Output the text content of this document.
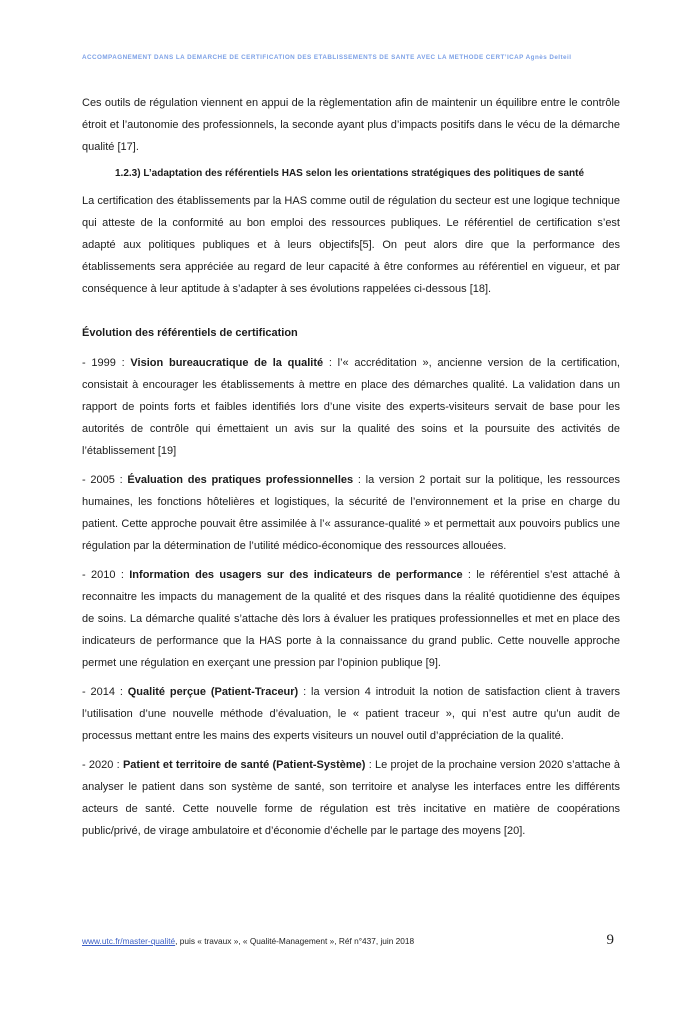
ACCOMPAGNEMENT DANS LA DEMARCHE DE CERTIFICATION DES ETABLISSEMENTS DE SANTE AVEC LA METHODE CERT’ICAP Agnès Delteil

Ces outils de régulation viennent en appui de la règlementation afin de maintenir un équilibre entre le contrôle étroit et l’autonomie des professionnels, la seconde ayant plus d’impacts positifs dans le vécu de la démarche qualité [17].

1.2.3) L’adaptation des référentiels HAS selon les orientations stratégiques des politiques de santé

La certification des établissements par la HAS comme outil de régulation du secteur est une logique technique qui atteste de la conformité au bon emploi des ressources publiques. Le référentiel de certification s’est adapté aux politiques publiques et à leurs objectifs[5]. On peut alors dire que la performance des établissements sera appréciée au regard de leur capacité à être conformes au référentiel en vigueur, et par conséquence à leur aptitude à s’adapter à ses évolutions rappelées ci-dessous [18].

Évolution des référentiels de certification

- 1999 : Vision bureaucratique de la qualité : l’« accréditation », ancienne version de la certification, consistait à encourager les établissements à mettre en place des démarches qualité. La validation dans un rapport de points forts et faibles identifiés lors d’une visite des experts-visiteurs servait de base pour les autorités de contrôle qui émettaient un avis sur la qualité des soins et la poursuite des activités de l’établissement [19]

- 2005 : Évaluation des pratiques professionnelles : la version 2 portait sur la politique, les ressources humaines, les fonctions hôtelières et logistiques, la sécurité de l’environnement et la prise en charge du patient. Cette approche pouvait être assimilée à l’« assurance-qualité » et permettait aux pouvoirs publics une régulation par la détermination de l’utilité médico-économique des ressources allouées.

- 2010 : Information des usagers sur des indicateurs de performance : le référentiel s’est attaché à reconnaitre les impacts du management de la qualité et des risques dans la réalité quotidienne des équipes de soins. La démarche qualité s’attache dès lors à évaluer les pratiques professionnelles et met en place des indicateurs de performance que la HAS porte à la connaissance du grand public. Cette nouvelle approche permet une régulation en exerçant une pression par l’opinion publique [9].

- 2014 : Qualité perçue (Patient-Traceur) : la version 4 introduit la notion de satisfaction client à travers l’utilisation d’une nouvelle méthode d’évaluation, le « patient traceur », qui n’est autre qu’un audit de processus mettant entre les mains des experts visiteurs un nouvel outil d’appréciation de la qualité.

- 2020 : Patient et territoire de santé (Patient-Système) : Le projet de la prochaine version 2020 s’attache à analyser le patient dans son système de santé, son territoire et analyse les interfaces entre les différents acteurs de santé. Cette nouvelle forme de régulation est très incitative en matière de coopérations public/privé, de virage ambulatoire et d’économie d’échelle par le partage des moyens [20].

www.utc.fr/master-qualité, puis « travaux », « Qualité-Management », Réf n°437, juin 2018	9
